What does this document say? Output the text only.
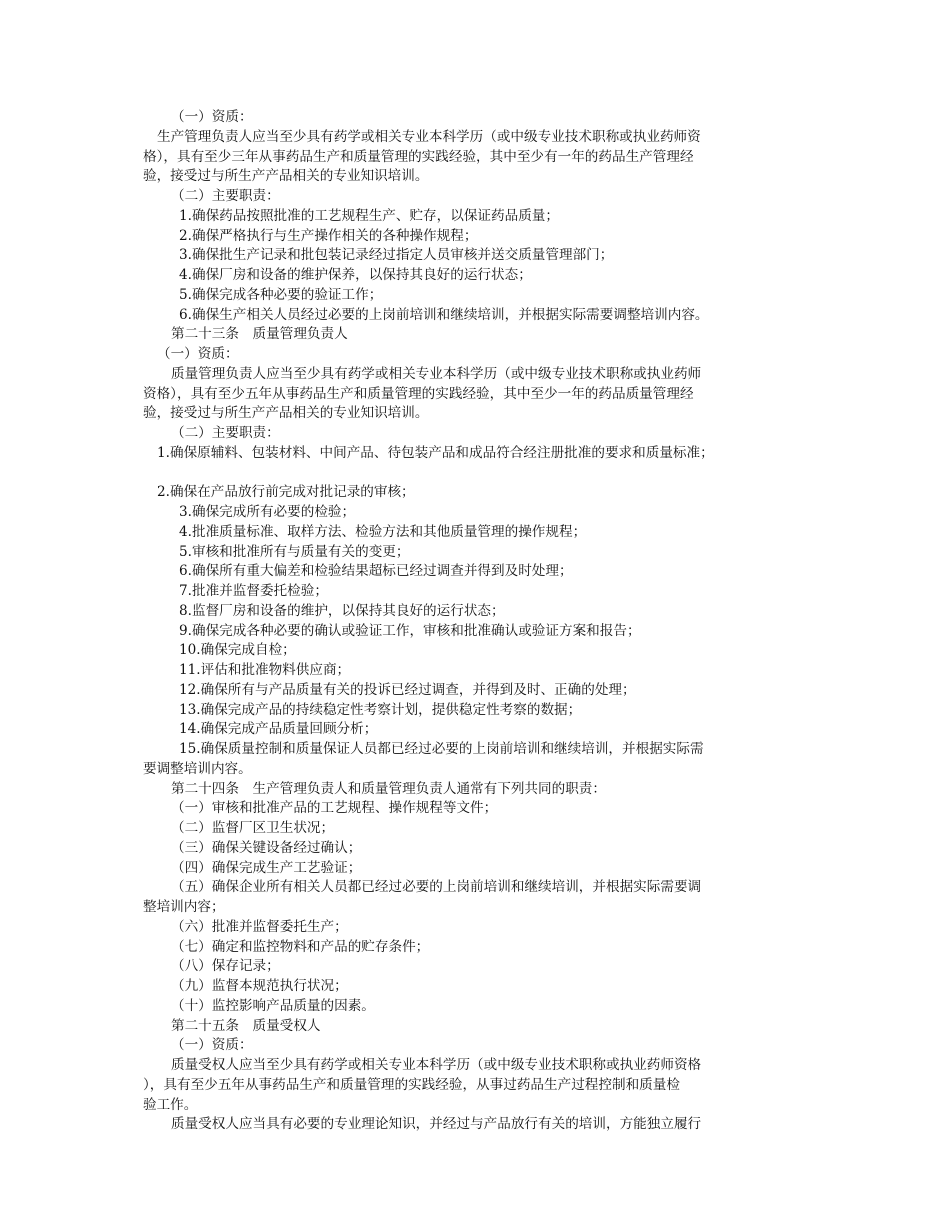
（一）资质：
生产管理负责人应当至少具有药学或相关专业本科学历（或中级专业技术职称或执业药师资
格），具有至少三年从事药品生产和质量管理的实践经验，其中至少有一年的药品生产管理经
验，接受过与所生产产品相关的专业知识培训。
（二）主要职责：
1.确保药品按照批准的工艺规程生产、贮存，以保证药品质量；
2.确保严格执行与生产操作相关的各种操作规程；
3.确保批生产记录和批包装记录经过指定人员审核并送交质量管理部门；
4.确保厂房和设备的维护保养，以保持其良好的运行状态；
5.确保完成各种必要的验证工作；
6.确保生产相关人员经过必要的上岗前培训和继续培训，并根据实际需要调整培训内容。
第二十三条　质量管理负责人
（一）资质：
质量管理负责人应当至少具有药学或相关专业本科学历（或中级专业技术职称或执业药师
资格），具有至少五年从事药品生产和质量管理的实践经验，其中至少一年的药品质量管理经
验，接受过与所生产产品相关的专业知识培训。
（二）主要职责：
1.确保原辅料、包装材料、中间产品、待包装产品和成品符合经注册批准的要求和质量标准；
2.确保在产品放行前完成对批记录的审核；
3.确保完成所有必要的检验；
4.批准质量标准、取样方法、检验方法和其他质量管理的操作规程；
5.审核和批准所有与质量有关的变更；
6.确保所有重大偏差和检验结果超标已经过调查并得到及时处理；
7.批准并监督委托检验；
8.监督厂房和设备的维护，以保持其良好的运行状态；
9.确保完成各种必要的确认或验证工作，审核和批准确认或验证方案和报告；
10.确保完成自检；
11.评估和批准物料供应商；
12.确保所有与产品质量有关的投诉已经过调查，并得到及时、正确的处理；
13.确保完成产品的持续稳定性考察计划，提供稳定性考察的数据；
14.确保完成产品质量回顾分析；
15.确保质量控制和质量保证人员都已经过必要的上岗前培训和继续培训，并根据实际需
要调整培训内容。
第二十四条　生产管理负责人和质量管理负责人通常有下列共同的职责：
（一）审核和批准产品的工艺规程、操作规程等文件；
（二）监督厂区卫生状况；
（三）确保关键设备经过确认；
（四）确保完成生产工艺验证；
（五）确保企业所有相关人员都已经过必要的上岗前培训和继续培训，并根据实际需要调
整培训内容；
（六）批准并监督委托生产；
（七）确定和监控物料和产品的贮存条件；
（八）保存记录；
（九）监督本规范执行状况；
（十）监控影响产品质量的因素。
第二十五条　质量受权人
（一）资质：
质量受权人应当至少具有药学或相关专业本科学历（或中级专业技术职称或执业药师资格
），具有至少五年从事药品生产和质量管理的实践经验，从事过药品生产过程控制和质量检
验工作。
质量受权人应当具有必要的专业理论知识，并经过与产品放行有关的培训，方能独立履行
